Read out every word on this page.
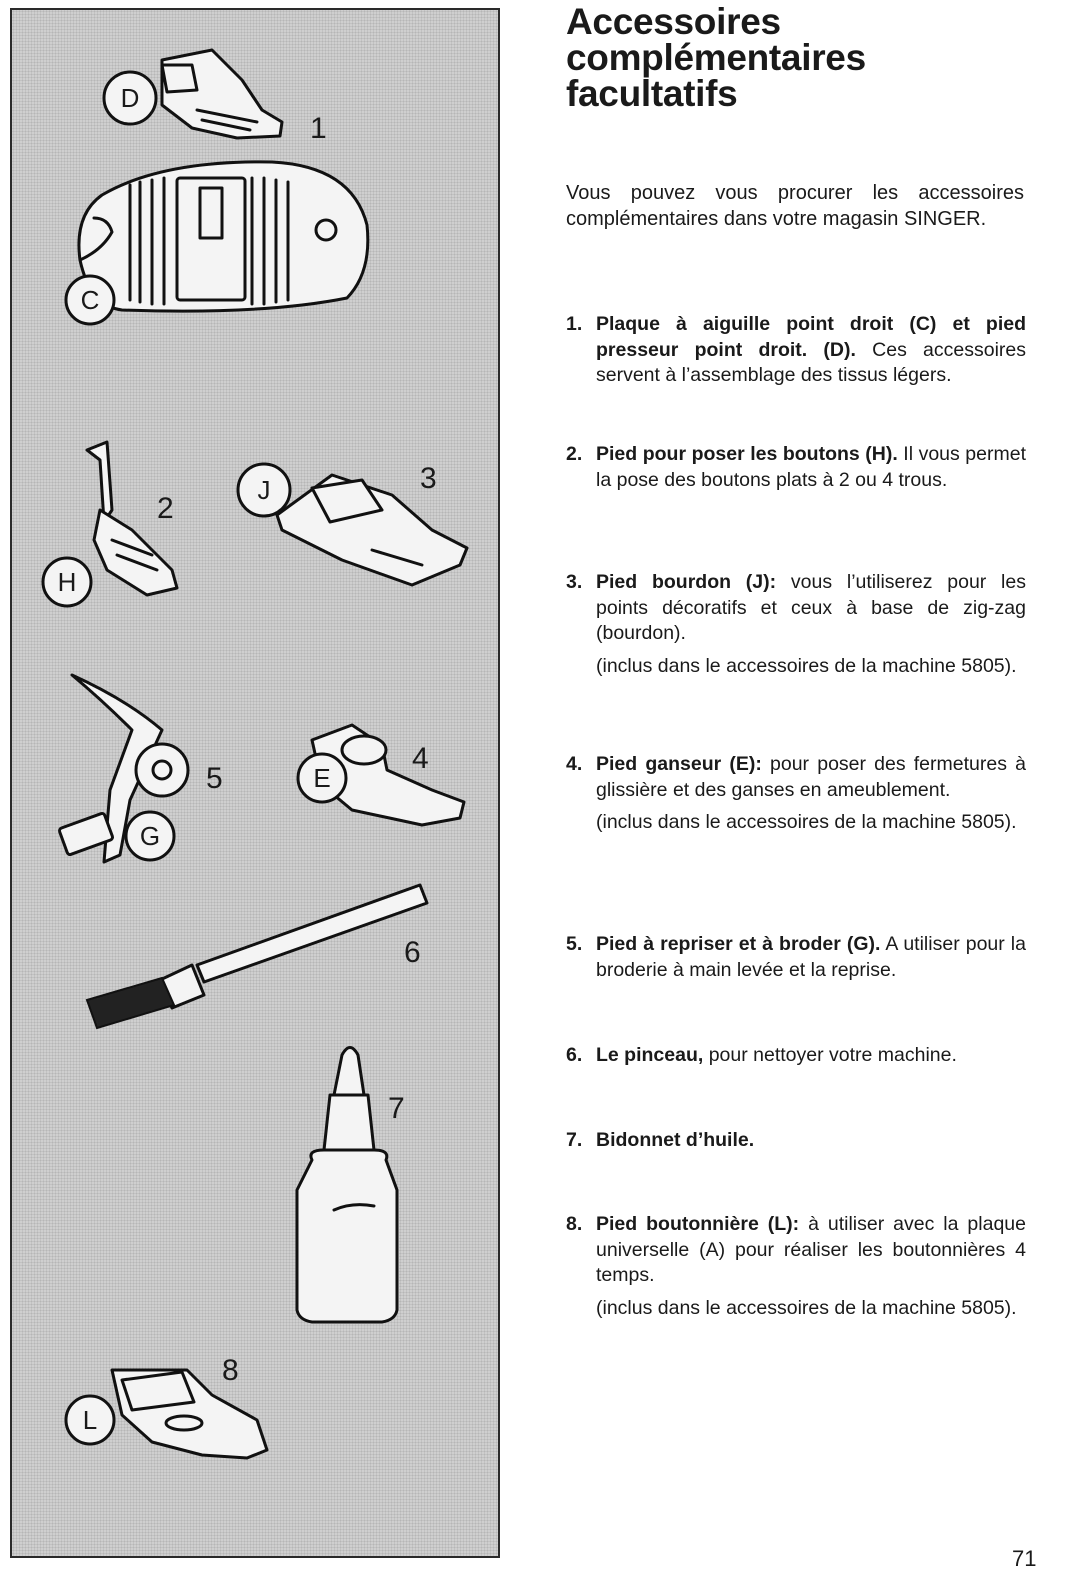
D
C
H
J
G
E
L
1
2
3
4
5
6
7
8
Accessoires
complémentaires
facultatifs

Vous pouvez vous procurer les accessoires complémentaires dans votre magasin SINGER.

1. Plaque à aiguille point droit (C) et pied presseur point droit. (D). Ces accessoires servent à l’assemblage des tissus légers.
2. Pied pour poser les boutons (H). Il vous permet la pose des boutons plats à 2 ou 4 trous.
3. Pied bourdon (J): vous l’utiliserez pour les points décoratifs et ceux à base de zig-zag (bourdon).
(inclus dans le accessoires de la machine 5805).
4. Pied ganseur (E): pour poser des fermetures à glissière et des ganses en ameublement.
(inclus dans le accessoires de la machine 5805).
5. Pied à repriser et à broder (G). A utiliser pour la broderie à main levée et la reprise.
6. Le pinceau, pour nettoyer votre machine.
7. Bidonnet d’huile.
8. Pied boutonnière (L): à utiliser avec la plaque universelle (A) pour réaliser les boutonnières 4 temps.
(inclus dans le accessoires de la machine 5805).
71
